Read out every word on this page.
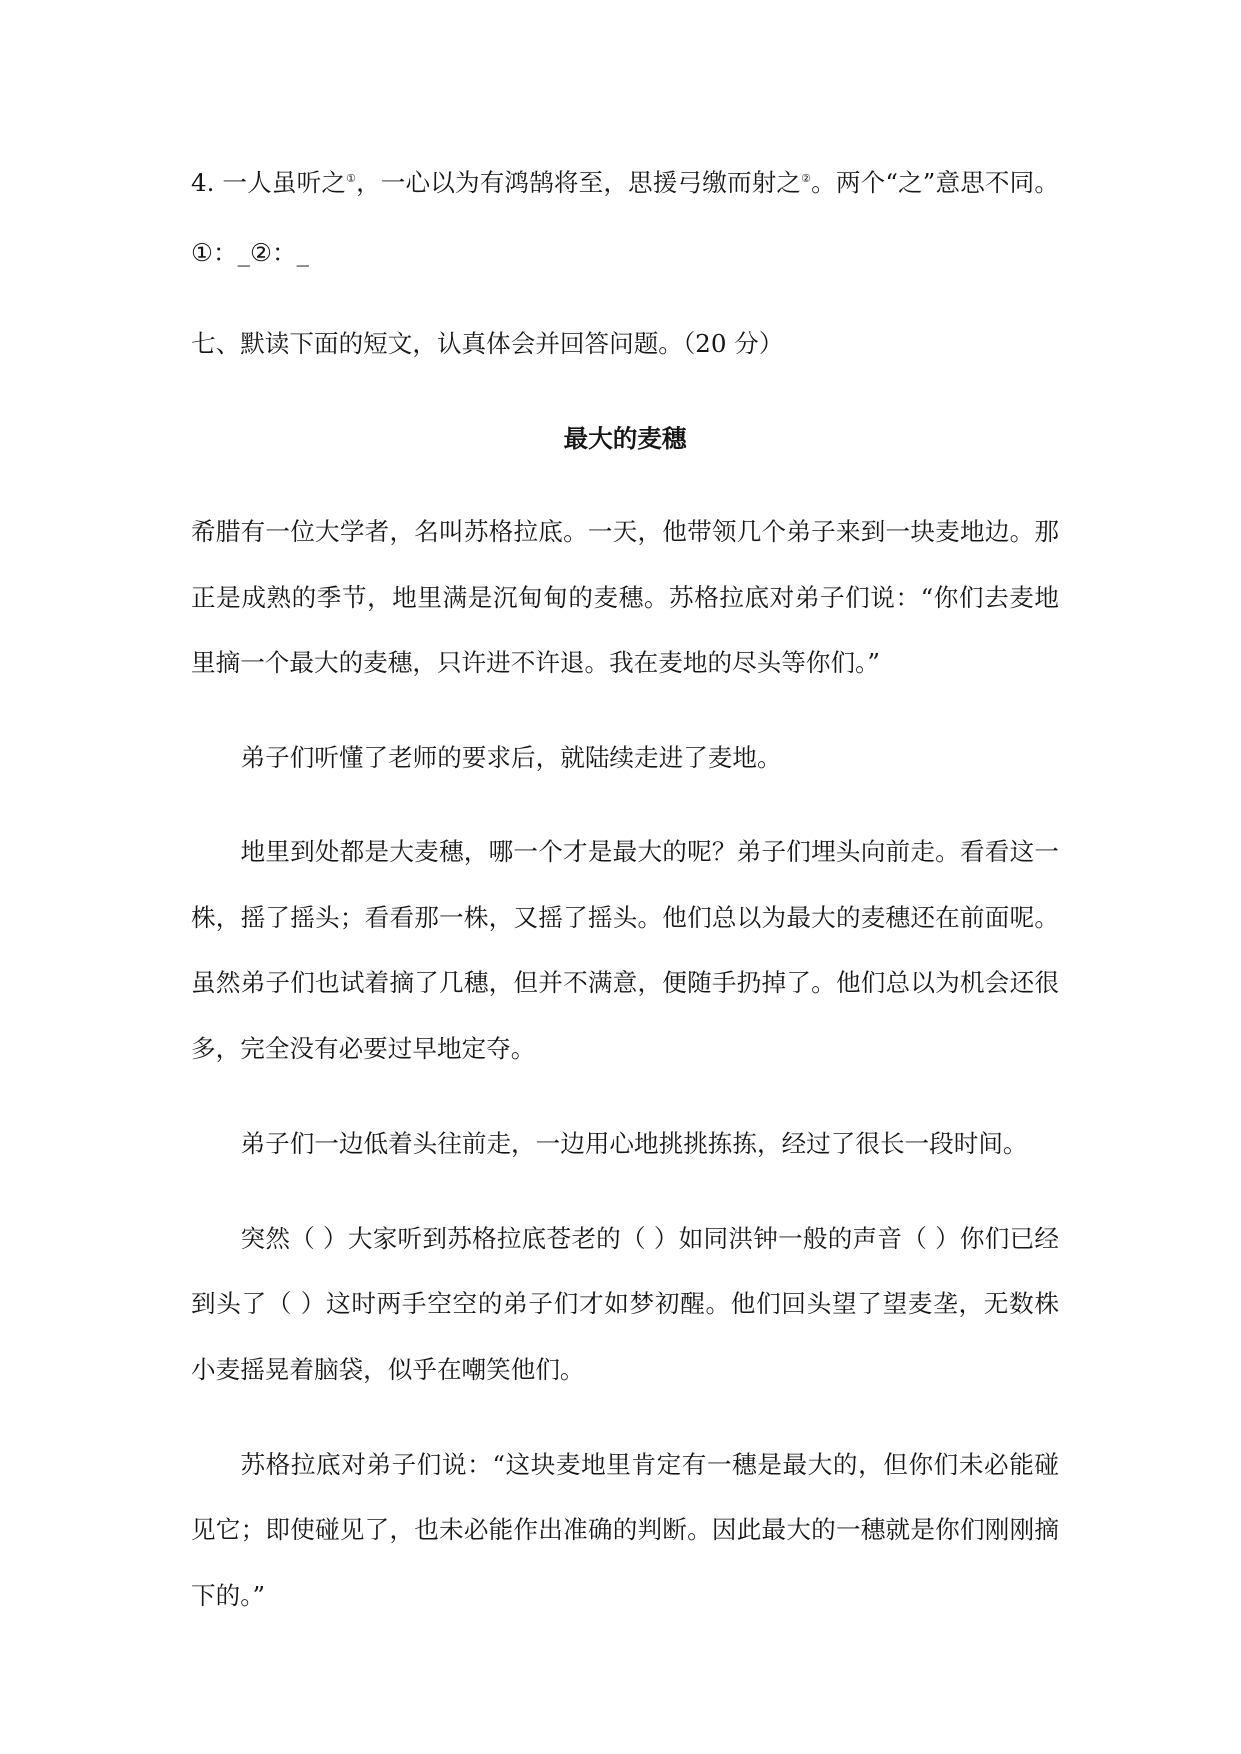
4. 一人虽听之①，一心以为有鸿鹄将至，思援弓缴而射之②。两个“之”意思不同。
①：_②：_
七、默读下面的短文，认真体会并回答问题。（20 分）
最大的麦穗
希腊有一位大学者，名叫苏格拉底。一天，他带领几个弟子来到一块麦地边。那
正是成熟的季节，地里满是沉甸甸的麦穗。苏格拉底对弟子们说：“你们去麦地
里摘一个最大的麦穗，只许进不许退。我在麦地的尽头等你们。”
弟子们听懂了老师的要求后，就陆续走进了麦地。
地里到处都是大麦穗，哪一个才是最大的呢？弟子们埋头向前走。看看这一
株，摇了摇头；看看那一株，又摇了摇头。他们总以为最大的麦穗还在前面呢。
虽然弟子们也试着摘了几穗，但并不满意，便随手扔掉了。他们总以为机会还很
多，完全没有必要过早地定夺。
弟子们一边低着头往前走，一边用心地挑挑拣拣，经过了很长一段时间。
突然（ ）大家听到苏格拉底苍老的（ ）如同洪钟一般的声音（ ）你们已经
到头了（ ）这时两手空空的弟子们才如梦初醒。他们回头望了望麦垄，无数株
小麦摇晃着脑袋，似乎在嘲笑他们。
苏格拉底对弟子们说：“这块麦地里肯定有一穗是最大的，但你们未必能碰
见它；即使碰见了，也未必能作出准确的判断。因此最大的一穗就是你们刚刚摘
下的。”
